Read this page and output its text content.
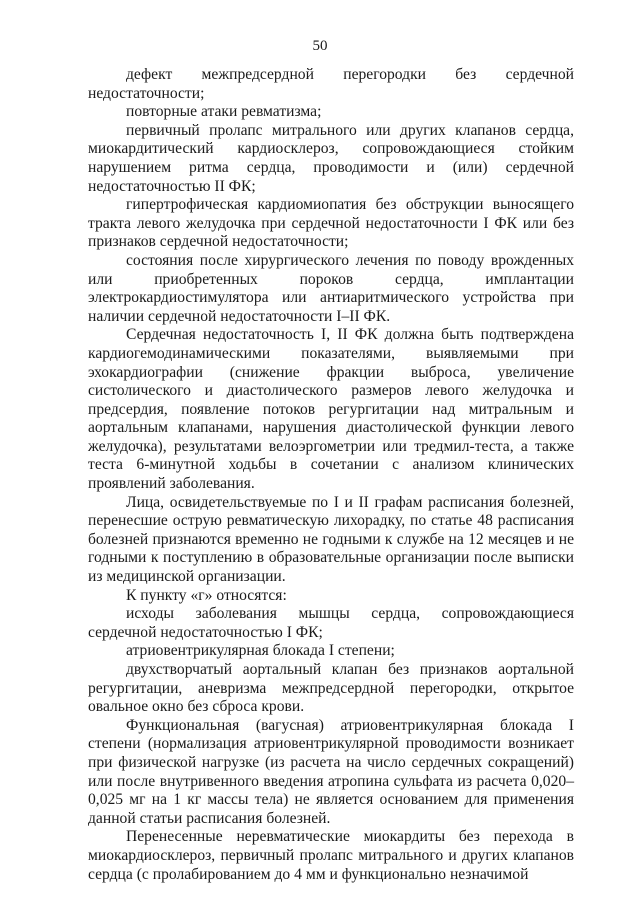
50

дефект межпредсердной перегородки без сердечной недостаточности;

повторные атаки ревматизма;

первичный пролапс митрального или других клапанов сердца, миокардитический кардиосклероз, сопровождающиеся стойким нарушением ритма сердца, проводимости и (или) сердечной недостаточностью II ФК;

гипертрофическая кардиомиопатия без обструкции выносящего тракта левого желудочка при сердечной недостаточности I ФК или без признаков сердечной недостаточности;

состояния после хирургического лечения по поводу врожденных или приобретенных пороков сердца, имплантации электрокардиостимулятора или антиаритмического устройства при наличии сердечной недостаточности I–II ФК.

Сердечная недостаточность I, II ФК должна быть подтверждена кардиогемодинамическими показателями, выявляемыми при эхокардиографии (снижение фракции выброса, увеличение систолического и диастолического размеров левого желудочка и предсердия, появление потоков регургитации над митральным и аортальным клапанами, нарушения диастолической функции левого желудочка), результатами велоэргометрии или тредмил-теста, а также теста 6-минутной ходьбы в сочетании с анализом клинических проявлений заболевания.

Лица, освидетельствуемые по I и II графам расписания болезней, перенесшие острую ревматическую лихорадку, по статье 48 расписания болезней признаются временно не годными к службе на 12 месяцев и не годными к поступлению в образовательные организации после выписки из медицинской организации.

К пункту «г» относятся:

исходы заболевания мышцы сердца, сопровождающиеся сердечной недостаточностью I ФК;

атриовентрикулярная блокада I степени;

двухстворчатый аортальный клапан без признаков аортальной регургитации, аневризма межпредсердной перегородки, открытое овальное окно без сброса крови.

Функциональная (вагусная) атриовентрикулярная блокада I степени (нормализация атриовентрикулярной проводимости возникает при физической нагрузке (из расчета на число сердечных сокращений) или после внутривенного введения атропина сульфата из расчета 0,020–0,025 мг на 1 кг массы тела) не является основанием для применения данной статьи расписания болезней.

Перенесенные неревматические миокардиты без перехода в миокардиосклероз, первичный пролапс митрального и других клапанов сердца (с пролабированием до 4 мм и функционально незначимой
